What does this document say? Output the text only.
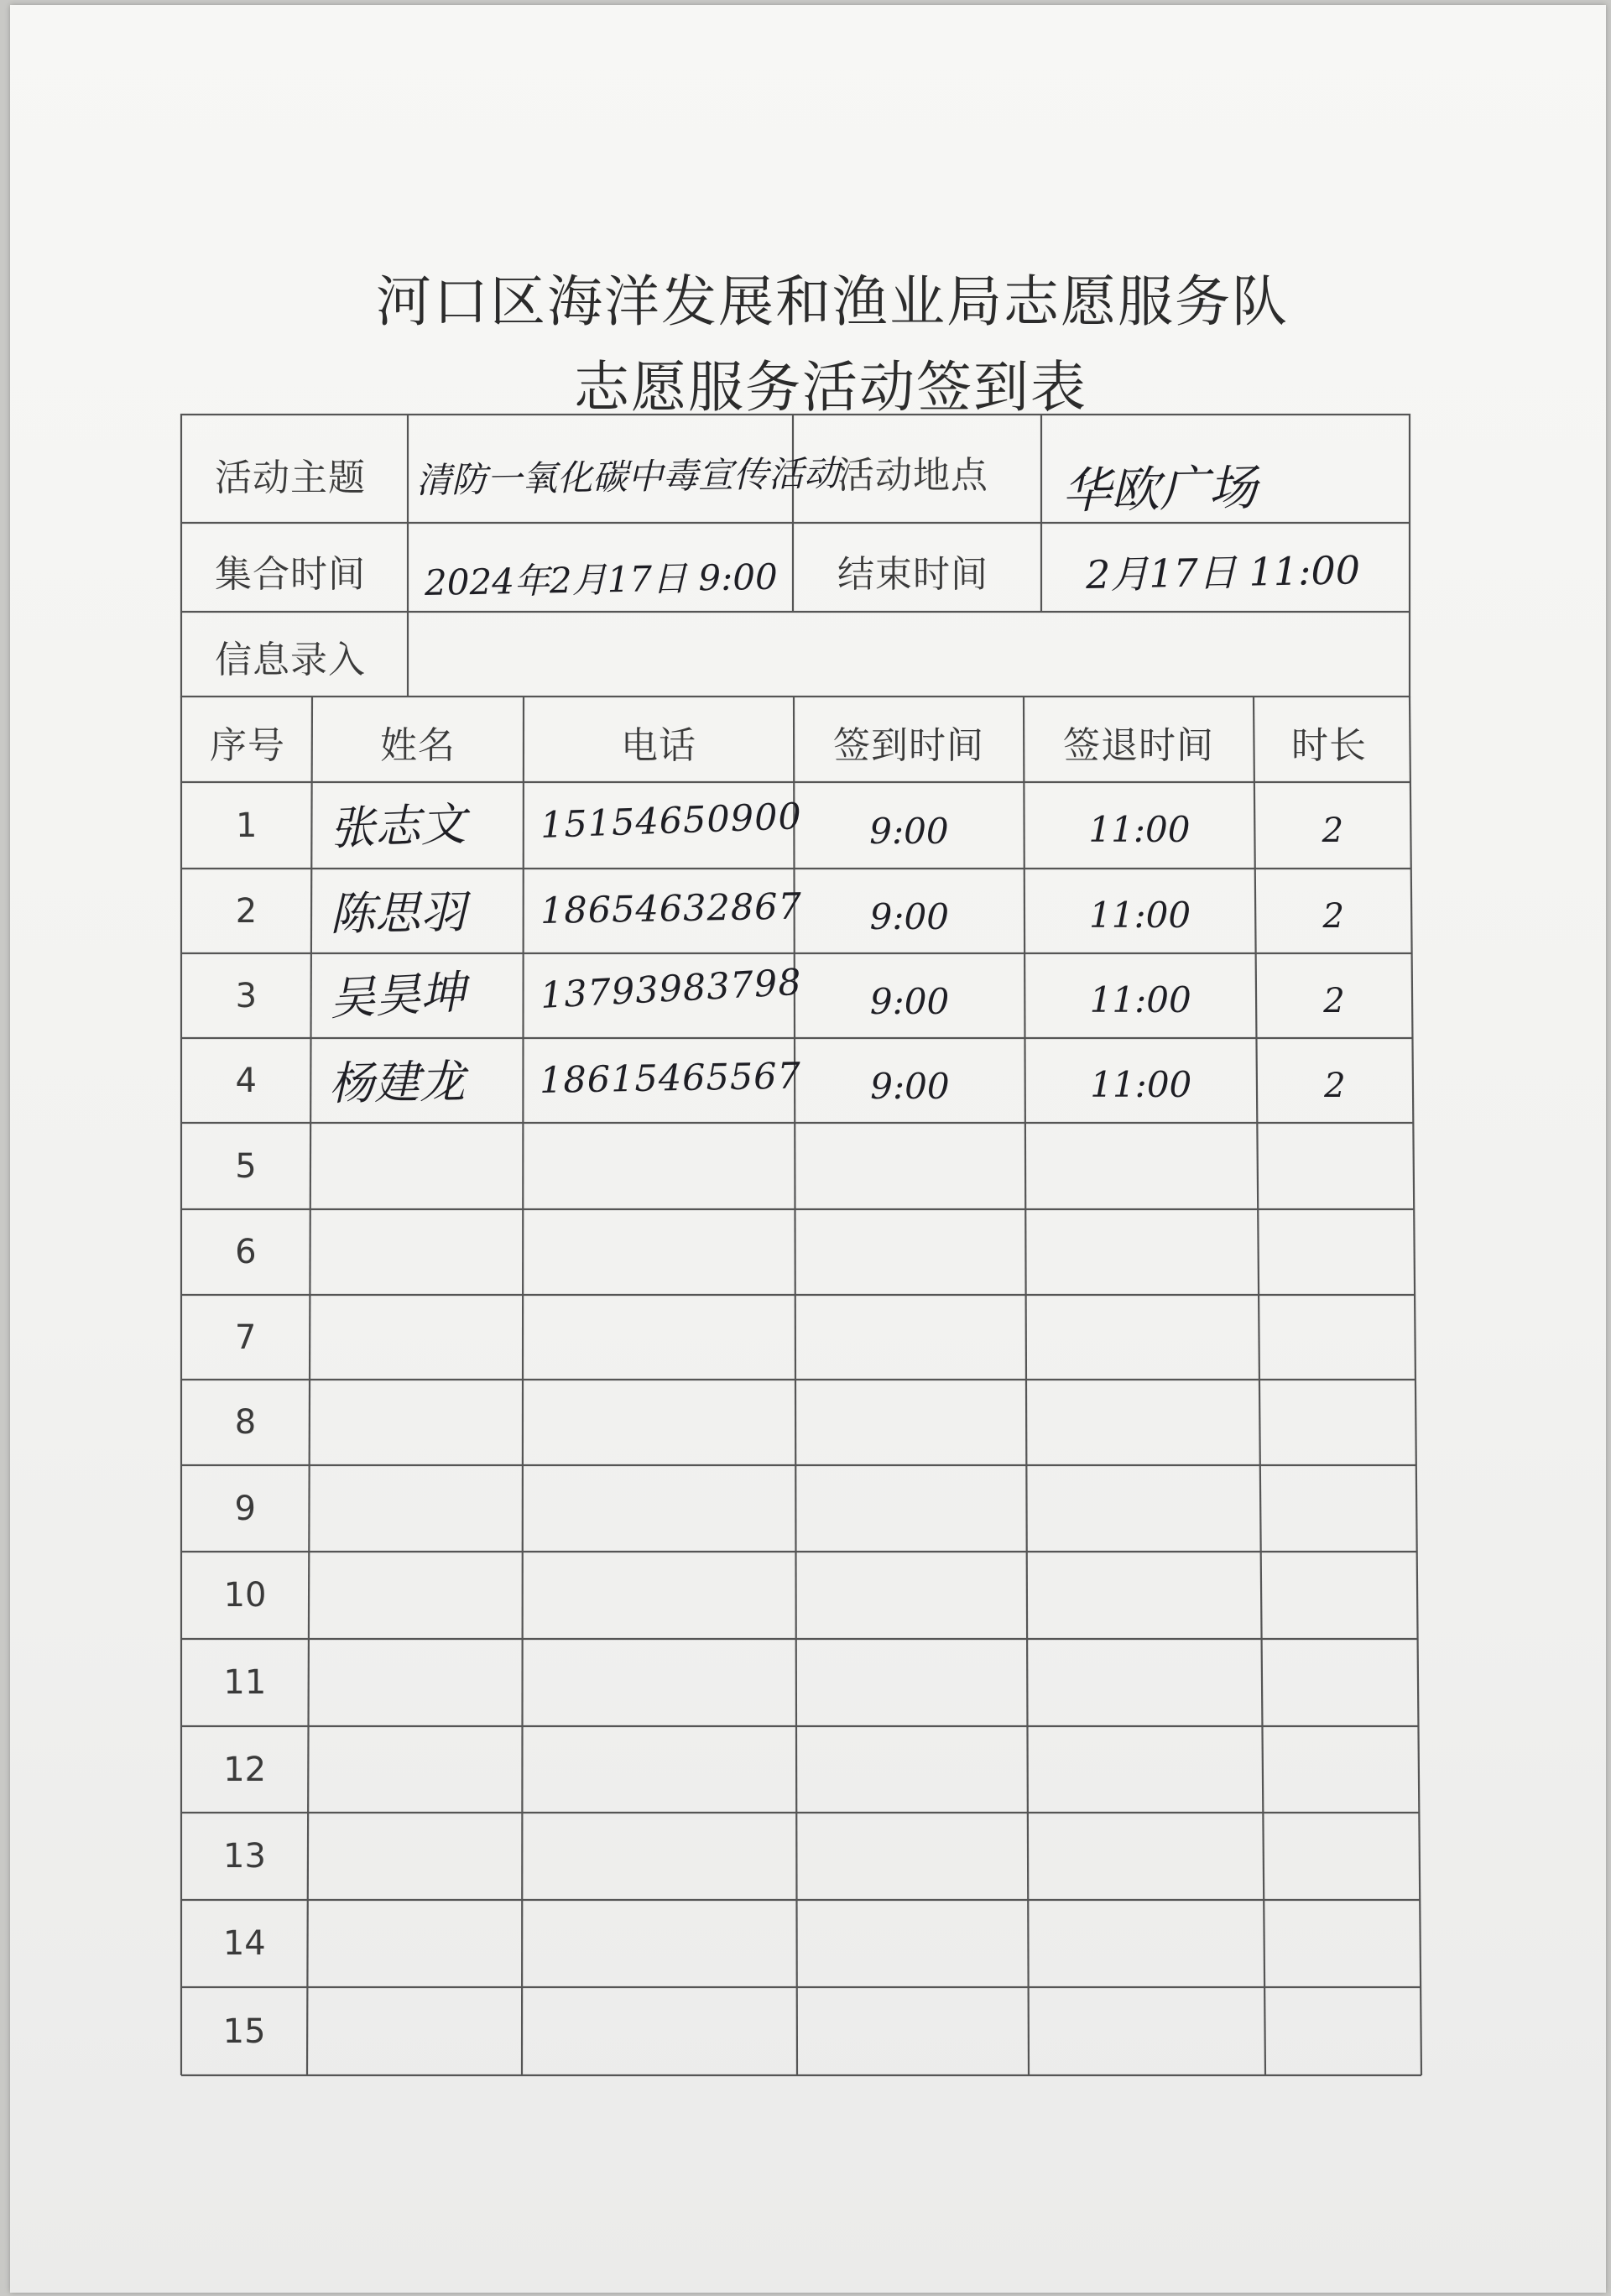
河口区海洋发展和渔业局志愿服务队
志愿服务活动签到表
活动主题 清防一氧化碳中毒宣传活动
活动地点 华欧广场
集合时间 2024年2月17日 9:00 结束时间	2月17日 11:00
信息录入
序号	姓名	电话	签到时间	签退时间	时长
1	张志文	15154650900	9:00	11:00	2
2	陈思羽	18654632867	9:00	11:00	2
3	吴昊坤	13793983798	9:00	11:00	2
4	杨建龙	18615465567	9:00	11:00	2
5
6
7
8
9
10
11
12
13
14
15
